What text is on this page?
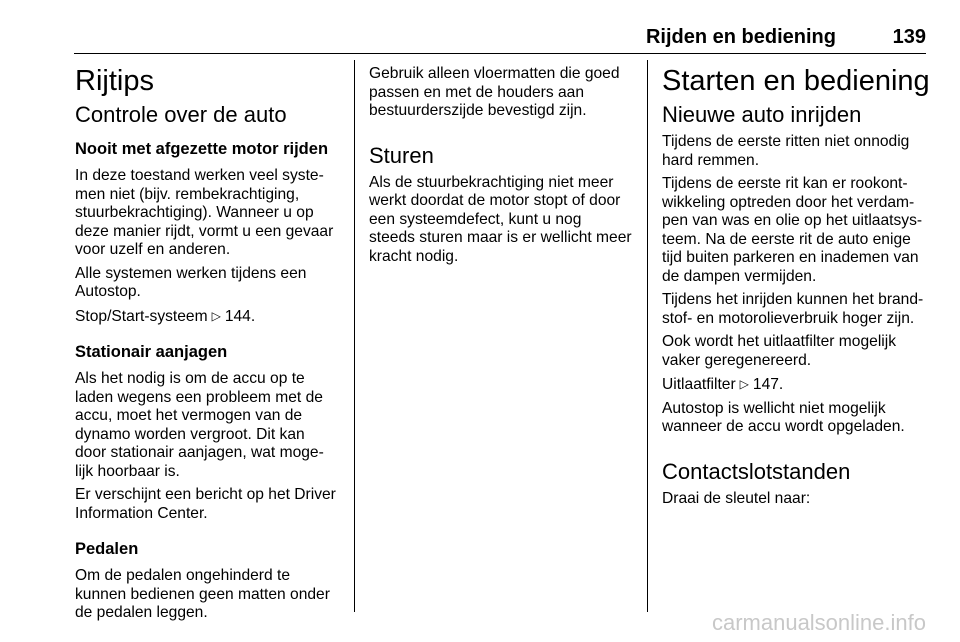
Rijden en bediening	139
Rijtips
Controle over de auto
Nooit met afgezette motor rijden

In deze toestand werken veel syste-
men niet (bijv. rembekrachtiging,
stuurbekrachtiging). Wanneer u op
deze manier rijdt, vormt u een gevaar
voor uzelf en anderen.

Alle systemen werken tijdens een
Autostop.

Stop/Start-systeem ▷ 144.

Stationair aanjagen

Als het nodig is om de accu op te
laden wegens een probleem met de
accu, moet het vermogen van de
dynamo worden vergroot. Dit kan
door stationair aanjagen, wat moge-
lijk hoorbaar is.

Er verschijnt een bericht op het Driver
Information Center.

Pedalen

Om de pedalen ongehinderd te
kunnen bedienen geen matten onder
de pedalen leggen.

Gebruik alleen vloermatten die goed
passen en met de houders aan
bestuurderszijde bevestigd zijn.

Sturen

Als de stuurbekrachtiging niet meer
werkt doordat de motor stopt of door
een systeemdefect, kunt u nog
steeds sturen maar is er wellicht meer
kracht nodig.

Starten en bediening
Nieuwe auto inrijden

Tijdens de eerste ritten niet onnodig
hard remmen.

Tijdens de eerste rit kan er rookont-
wikkeling optreden door het verdam-
pen van was en olie op het uitlaatsys-
teem. Na de eerste rit de auto enige
tijd buiten parkeren en inademen van
de dampen vermijden.

Tijdens het inrijden kunnen het brand-
stof- en motorolieverbruik hoger zijn.

Ook wordt het uitlaatfilter mogelijk
vaker geregenereerd.

Uitlaatfilter ▷ 147.

Autostop is wellicht niet mogelijk
wanneer de accu wordt opgeladen.

Contactslotstanden

Draai de sleutel naar:

carmanualsonline.info
